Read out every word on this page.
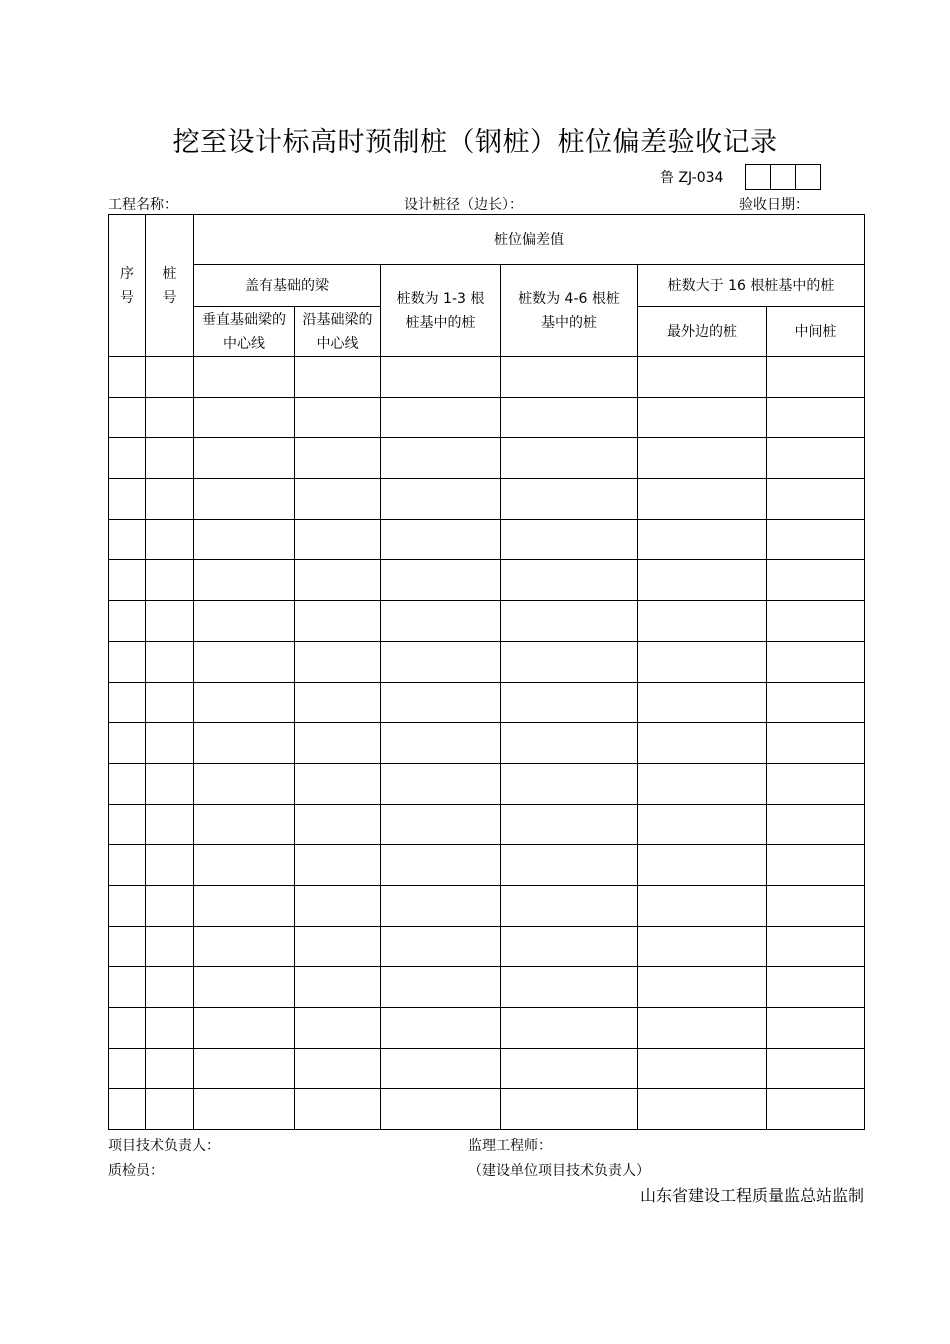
挖至设计标高时预制桩（钢桩）桩位偏差验收记录
鲁 ZJ-034
工程名称：	设计桩径（边长）：	验收日期：
序号	桩号	桩位偏差值					
		盖有基础的梁		桩数为 1-3 根桩基中的桩	桩数为 4-6 根桩基中的桩	桩数大于 16 根桩基中的桩	

		垂直基础梁的中心线	沿基础梁的中心线			最外边的桩	中间桩

项目技术负责人：	监理工程师：
质检员：	（建设单位项目技术负责人）
山东省建设工程质量监总站监制
